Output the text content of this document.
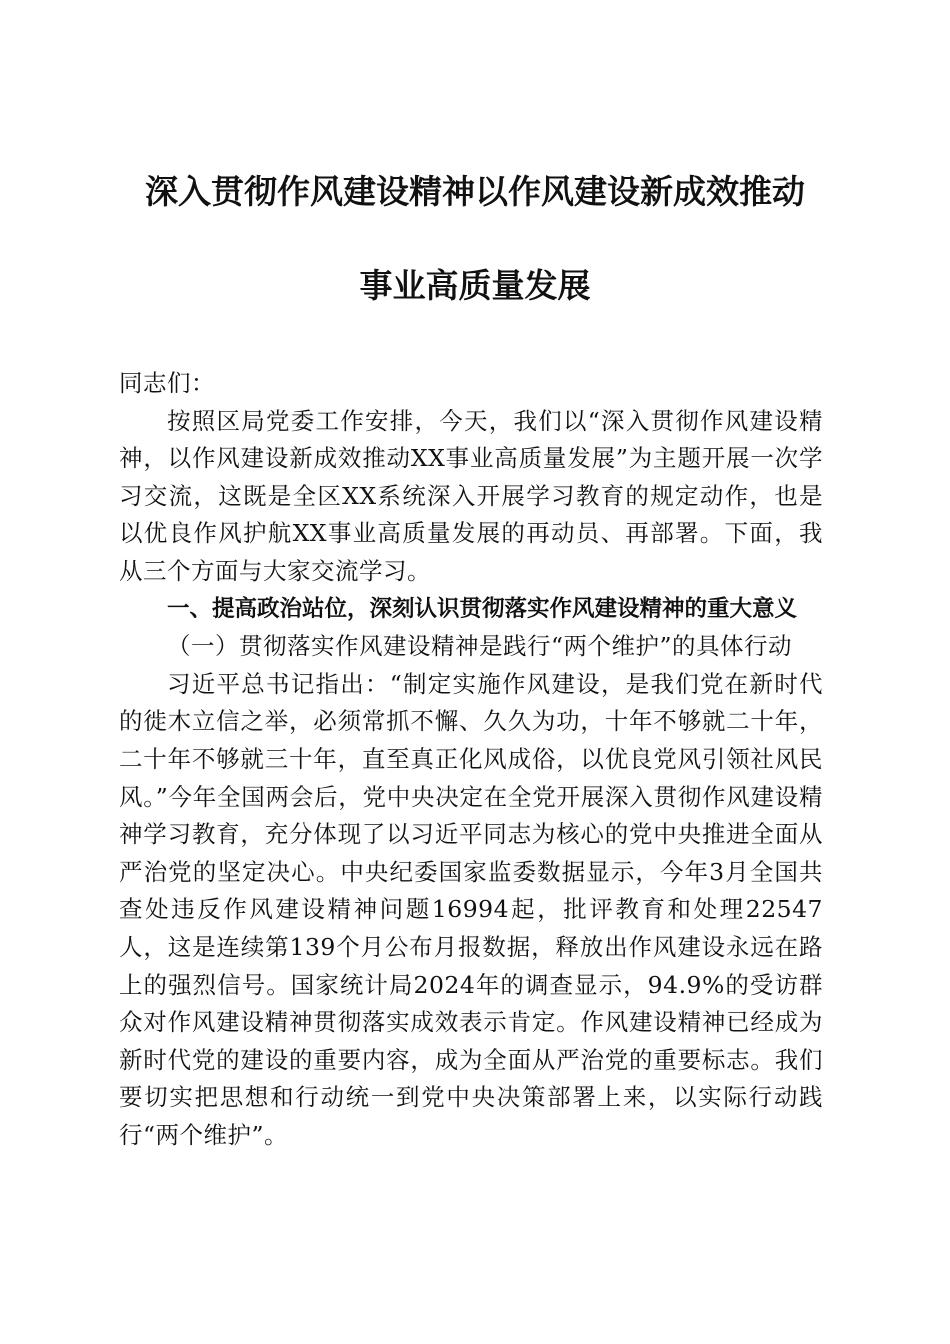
深入贯彻作风建设精神以作风建设新成效推动
事业高质量发展

同志们：

按照区局党委工作安排，今天，我们以“深入贯彻作风建设精神，以作风建设新成效推动XX事业高质量发展”为主题开展一次学习交流，这既是全区XX系统深入开展学习教育的规定动作，也是以优良作风护航XX事业高质量发展的再动员、再部署。下面，我从三个方面与大家交流学习。

一、提高政治站位，深刻认识贯彻落实作风建设精神的重大意义

（一）贯彻落实作风建设精神是践行“两个维护”的具体行动

习近平总书记指出：“制定实施作风建设，是我们党在新时代的徙木立信之举，必须常抓不懈、久久为功，十年不够就二十年，二十年不够就三十年，直至真正化风成俗，以优良党风引领社风民风。”今年全国两会后，党中央决定在全党开展深入贯彻作风建设精神学习教育，充分体现了以习近平同志为核心的党中央推进全面从严治党的坚定决心。中央纪委国家监委数据显示，今年3月全国共查处违反作风建设精神问题16994起，批评教育和处理22547人，这是连续第139个月公布月报数据，释放出作风建设永远在路上的强烈信号。国家统计局2024年的调查显示，94.9%的受访群众对作风建设精神贯彻落实成效表示肯定。作风建设精神已经成为新时代党的建设的重要内容，成为全面从严治党的重要标志。我们要切实把思想和行动统一到党中央决策部署上来，以实际行动践行“两个维护”。
